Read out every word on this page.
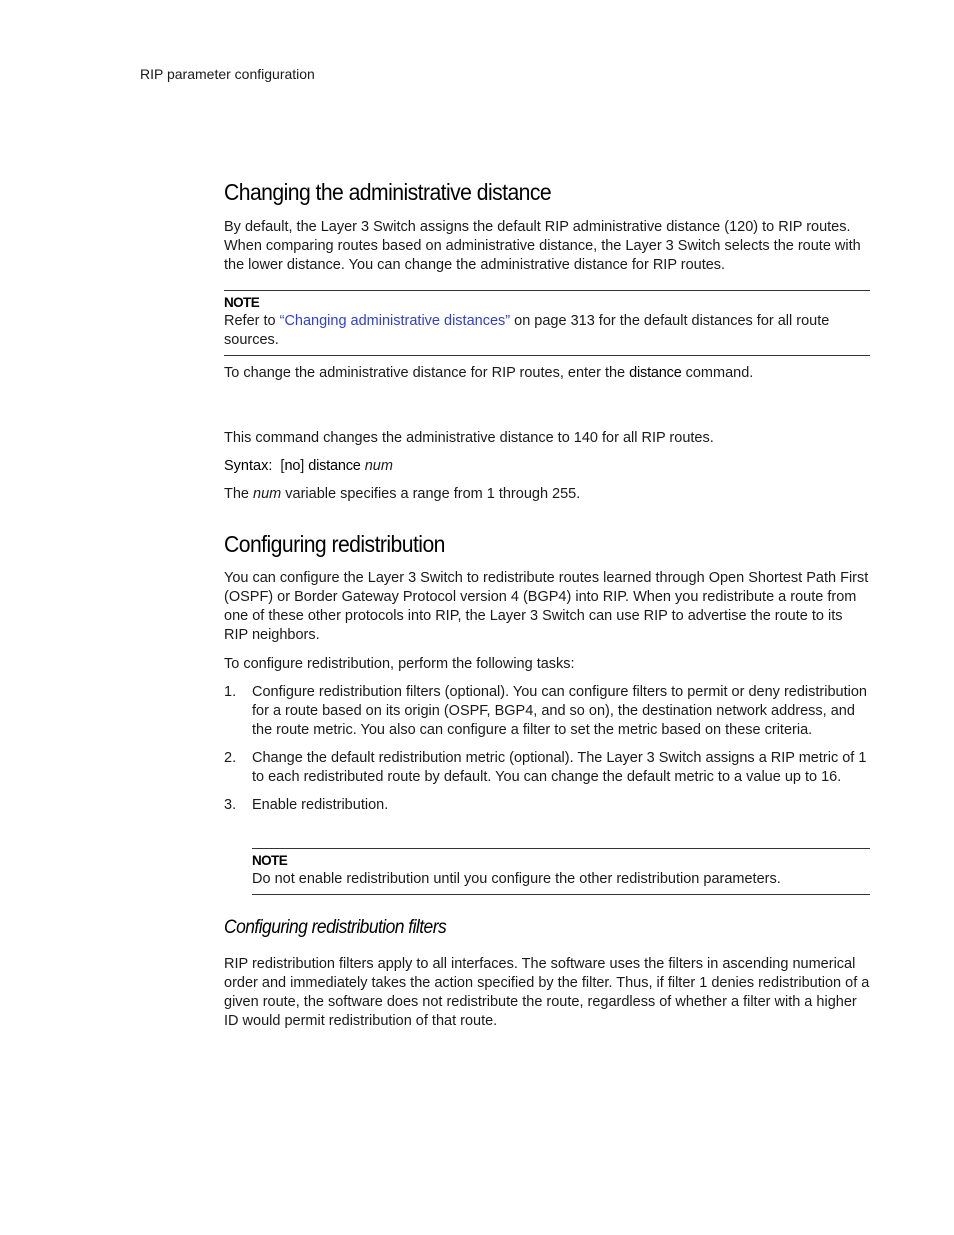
RIP parameter configuration
Changing the administrative distance
By default, the Layer 3 Switch assigns the default RIP administrative distance (120) to RIP routes. When comparing routes based on administrative distance, the Layer 3 Switch selects the route with the lower distance. You can change the administrative distance for RIP routes.
NOTE
Refer to “Changing administrative distances” on page 313 for the default distances for all route sources.
To change the administrative distance for RIP routes, enter the distance command.
This command changes the administrative distance to 140 for all RIP routes.
Syntax: [no] distance num
The num variable specifies a range from 1 through 255.
Configuring redistribution
You can configure the Layer 3 Switch to redistribute routes learned through Open Shortest Path First (OSPF) or Border Gateway Protocol version 4 (BGP4) into RIP. When you redistribute a route from one of these other protocols into RIP, the Layer 3 Switch can use RIP to advertise the route to its RIP neighbors.
To configure redistribution, perform the following tasks:
1. Configure redistribution filters (optional). You can configure filters to permit or deny redistribution for a route based on its origin (OSPF, BGP4, and so on), the destination network address, and the route metric. You also can configure a filter to set the metric based on these criteria.
2. Change the default redistribution metric (optional). The Layer 3 Switch assigns a RIP metric of 1 to each redistributed route by default. You can change the default metric to a value up to 16.
3. Enable redistribution.
NOTE
Do not enable redistribution until you configure the other redistribution parameters.
Configuring redistribution filters
RIP redistribution filters apply to all interfaces. The software uses the filters in ascending numerical order and immediately takes the action specified by the filter. Thus, if filter 1 denies redistribution of a given route, the software does not redistribute the route, regardless of whether a filter with a higher ID would permit redistribution of that route.
